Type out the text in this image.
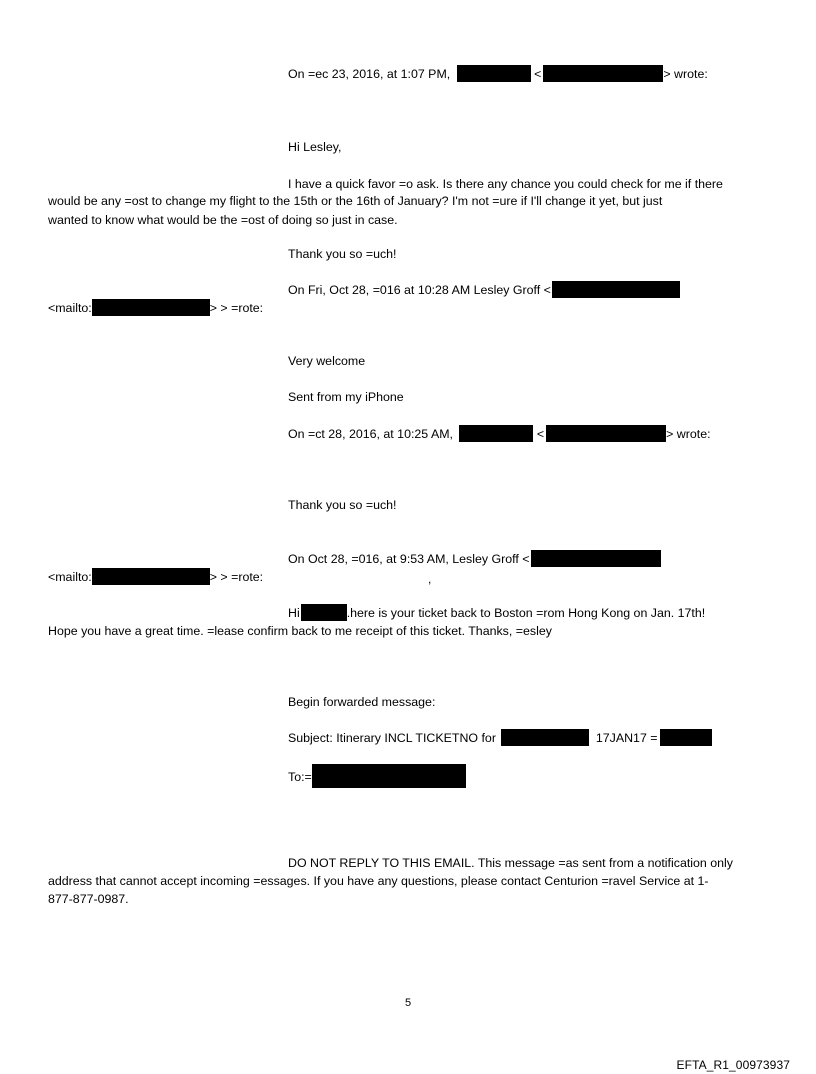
On =ec 23, 2016, at 1:07 PM,	<	> wrote:
Hi Lesley,
I have a quick favor =o ask. Is there any chance you could check for me if there
would be any =ost to change my flight to the 15th or the 16th of January? I'm not =ure if I'll change it yet, but just
wanted to know what would be the =ost of doing so just in case.
Thank you so =uch!
On Fri, Oct 28, =016 at 10:28 AM Lesley Groff <
<mailto:	> > =rote:
Very welcome
Sent from my iPhone
On =ct 28, 2016, at 10:25 AM,	<	> wrote:
Thank you so =uch!
On Oct 28, =016, at 9:53 AM, Lesley Groff <
<mailto:	> > =rote:	,
Hi	.here is your ticket back to Boston =rom Hong Kong on Jan. 17th!
Hope you have a great time. =lease confirm back to me receipt of this ticket. Thanks, =esley
Begin forwarded message:
Subject: Itinerary INCL TICKETNO for	17JAN17 =
To:=
DO NOT REPLY TO THIS EMAIL. This message =as sent from a notification only
address that cannot accept incoming =essages. If you have any questions, please contact Centurion =ravel Service at 1-
877-877-0987.
5
EFTA_R1_00973937
